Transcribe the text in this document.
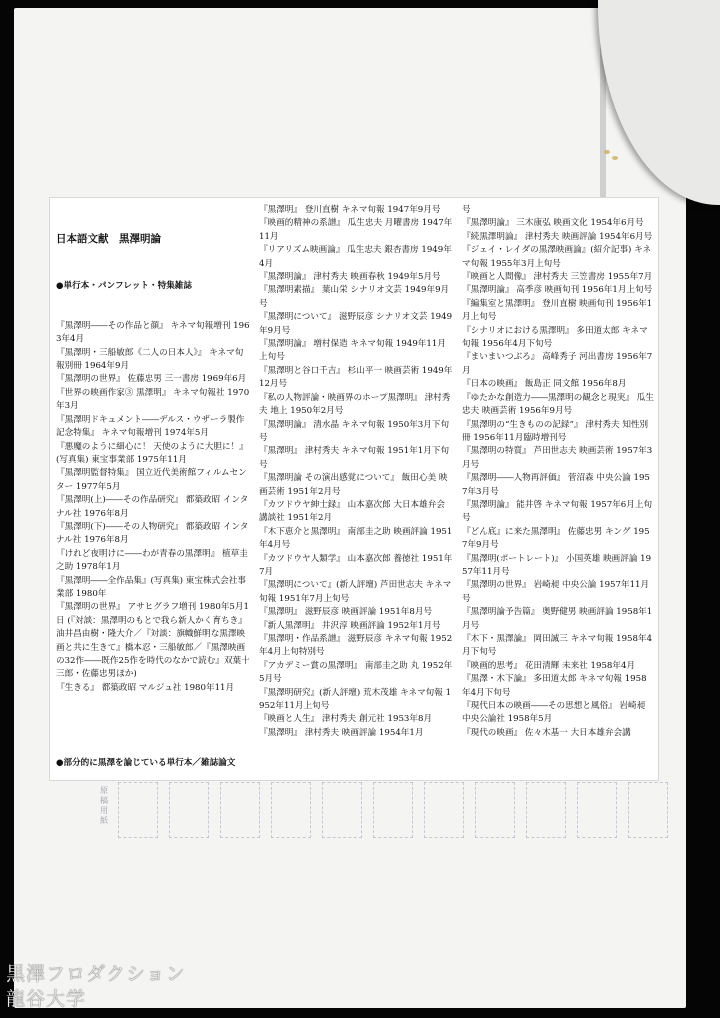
日本語文献　黒澤明論

●単行本・パンフレット・特集雑誌

『黒澤明――その作品と顔』 キネマ旬報増刊 1963年4月
『黒澤明・三船敏郎《二人の日本人》』 キネマ旬報別冊 1964年9月
『黒澤明の世界』 佐藤忠男 三一書房 1969年6月
『世界の映画作家③ 黒澤明』 キネマ旬報社 1970年3月
『黒澤明ドキュメント――デルス・ウザーラ製作記念特集』 キネマ旬報増刊 1974年5月
『悪魔のように細心に！ 天使のように大胆に！』(写真集) 東宝事業部 1975年11月
『黒澤明監督特集』 国立近代美術館フィルムセンター 1977年5月
『黒澤明(上)――その作品研究』 都築政昭 インタナル社 1976年8月
『黒澤明(下)――その人物研究』 都築政昭 インタナル社 1976年8月
『けれど夜明けに――わが青春の黒澤明』 植草圭之助 1978年1月
『黒澤明――全作品集』(写真集) 東宝株式会社事業部 1980年
『黒澤明の世界』 アサヒグラフ増刊 1980年5月1日 (『対談：黒澤明のもとで我ら新人かく育ちき』油井昌由樹・隆大介／『対談：旗幟鮮明な黒澤映画と共に生きて』橋本忍・三船敏郎／『黒澤映画の32作――既作25作を時代のなかで読む』双葉十三郎・佐藤忠男ほか)
『生きる』 都築政昭 マルジュ社 1980年11月

●部分的に黒澤を論じている単行本／雑誌論文

『黒澤明』 登川直樹 キネマ旬報 1947年9月号
『映画的精神の系譜』 瓜生忠夫 月曜書房 1947年11月
『リアリズム映画論』 瓜生忠夫 銀杏書房 1949年4月
『黒澤明論』 津村秀夫 映画春秋 1949年5月号
『黒澤明素描』 葉山栄 シナリオ文芸 1949年9月号
『黒澤明について』 滋野辰彦 シナリオ文芸 1949年9月号
『黒澤明論』 増村保造 キネマ旬報 1949年11月上旬号
『黒澤明と谷口千吉』 杉山平一 映画芸術 1949年12月号
『私の人物評論・映画界のホープ黒澤明』 津村秀夫 地上 1950年2月号
『黒澤明論』 清水晶 キネマ旬報 1950年3月下旬号
『黒澤明』 津村秀夫 キネマ旬報 1951年1月下旬号
『黒澤明論 その演出感覚について』 飯田心美 映画芸術 1951年2月号
『カツドウヤ紳士録』 山本嘉次郎 大日本雄弁会講談社 1951年2月
『木下恵介と黒澤明』 南部圭之助 映画評論 1951年4月号
『カツドウヤ人類学』 山本嘉次郎 養徳社 1951年7月
『黒澤明について』(新人評壇) 芦田世志夫 キネマ旬報 1951年7月上旬号
『黒澤明』 滋野辰彦 映画評論 1951年8月号
『新人黒澤明』 井沢淳 映画評論 1952年1月号
『黒澤明・作品系譜』 滋野辰彦 キネマ旬報 1952年4月上旬特別号
『アカデミー賞の黒澤明』 南部圭之助 丸 1952年5月号
『黒澤明研究』(新人評壇) 荒木茂雄 キネマ旬報 1952年11月上旬号
『映画と人生』 津村秀夫 創元社 1953年8月
『黒澤明』 津村秀夫 映画評論 1954年1月
号
『黒澤明論』 三木康弘 映画文化 1954年6月号
『続黒澤明論』 津村秀夫 映画評論 1954年6月号
『ジェイ・レイダの黒澤映画論』(紹介記事) キネマ旬報 1955年3月上旬号
『映画と人間像』 津村秀夫 三笠書房 1955年7月
『黒澤明論』 高季彦 映画旬刊 1956年1月上旬号
『編集室と黒澤明』 登川直樹 映画旬刊 1956年1月上旬号
『シナリオにおける黒澤明』 多田道太郎 キネマ旬報 1956年4月下旬号
『まいまいつぶろ』 高峰秀子 河出書房 1956年7月
『日本の映画』 飯島正 同文館 1956年8月
『ゆたかな創造力――黒澤明の観念と現実』 瓜生忠夫 映画芸術 1956年9月号
『黒澤明の“生きものの記録”』 津村秀夫 知性別冊 1956年11月臨時増刊号
『黒澤明の特質』 芦田世志夫 映画芸術 1957年3月号
『黒澤明――人物再評価』 菅沼森 中央公論 1957年3月号
『黒澤明論』 能井啓 キネマ旬報 1957年6月上旬号
『どん底』に来た黒澤明』 佐藤忠男 キング 1957年9月号
『黒澤明(ポートレート)』 小国英雄 映画評論 1957年11月号
『黒澤明の世界』 岩崎昶 中央公論 1957年11月号
『黒澤明論予告篇』 奥野健男 映画評論 1958年1月号
『木下・黒澤論』 岡田誠三 キネマ旬報 1958年4月下旬号
『映画的思考』 花田清輝 未来社 1958年4月
『黒澤・木下論』 多田道太郎 キネマ旬報 1958年4月下旬号
『現代日本の映画――その思想と風俗』 岩崎昶 中央公論社 1958年5月
『現代の映画』 佐々木基一 大日本雄弁会講
原稿用紙
黒澤フロダクション
龍谷大学
